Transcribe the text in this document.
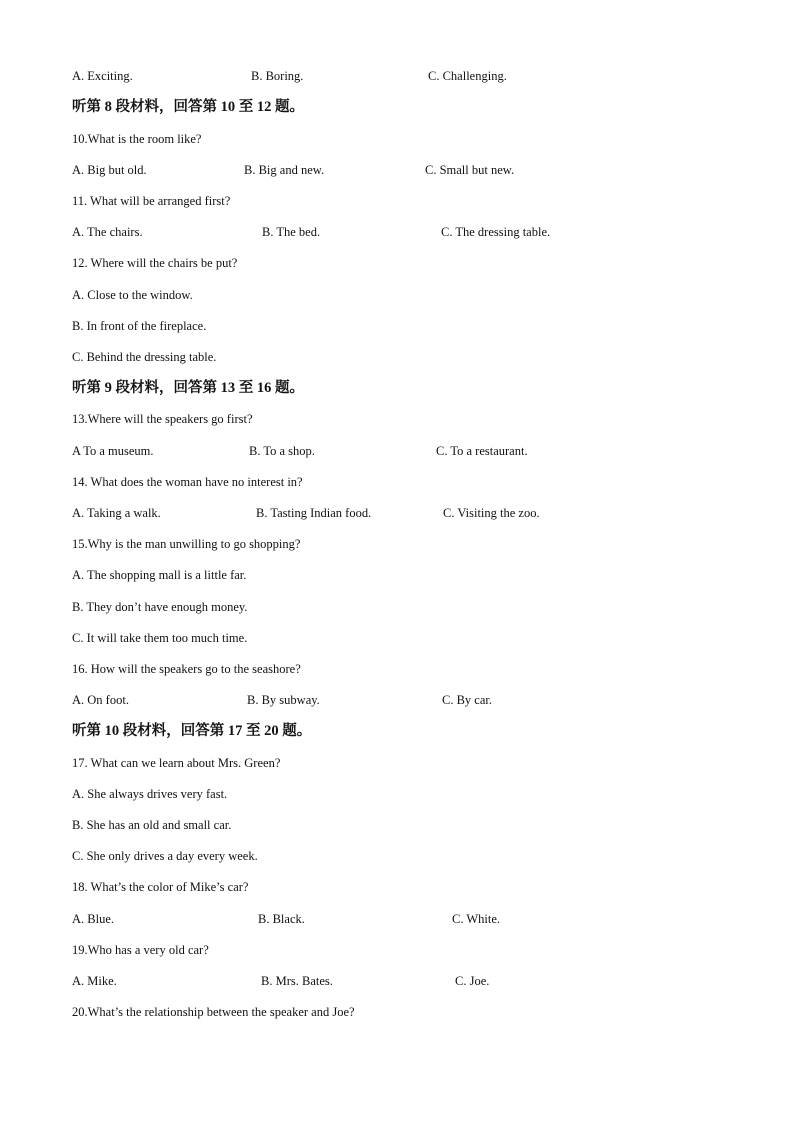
A. Exciting.	B. Boring.	C. Challenging.
听第 8 段材料，回答第 10 至 12 题。
10.What is the room like?
A. Big but old.	B. Big and new.	C. Small but new.
11. What will be arranged first?
A. The chairs.	B. The bed.	C. The dressing table.
12. Where will the chairs be put?
A. Close to the window.
B. In front of the fireplace.
C. Behind the dressing table.
听第 9 段材料，回答第 13 至 16 题。
13.Where will the speakers go first?
A To a museum.	B. To a shop.	C. To a restaurant.
14. What does the woman have no interest in?
A. Taking a walk.	B. Tasting Indian food.	C. Visiting the zoo.
15.Why is the man unwilling to go shopping?
A. The shopping mall is a little far.
B. They don’t have enough money.
C. It will take them too much time.
16. How will the speakers go to the seashore?
A. On foot.	B. By subway.	C. By car.
听第 10 段材料，回答第 17 至 20 题。
17. What can we learn about Mrs. Green?
A. She always drives very fast.
B. She has an old and small car.
C. She only drives a day every week.
18. What’s the color of Mike’s car?
A. Blue.	B. Black.	C. White.
19.Who has a very old car?
A. Mike.	B. Mrs. Bates.	C. Joe.
20.What’s the relationship between the speaker and Joe?
